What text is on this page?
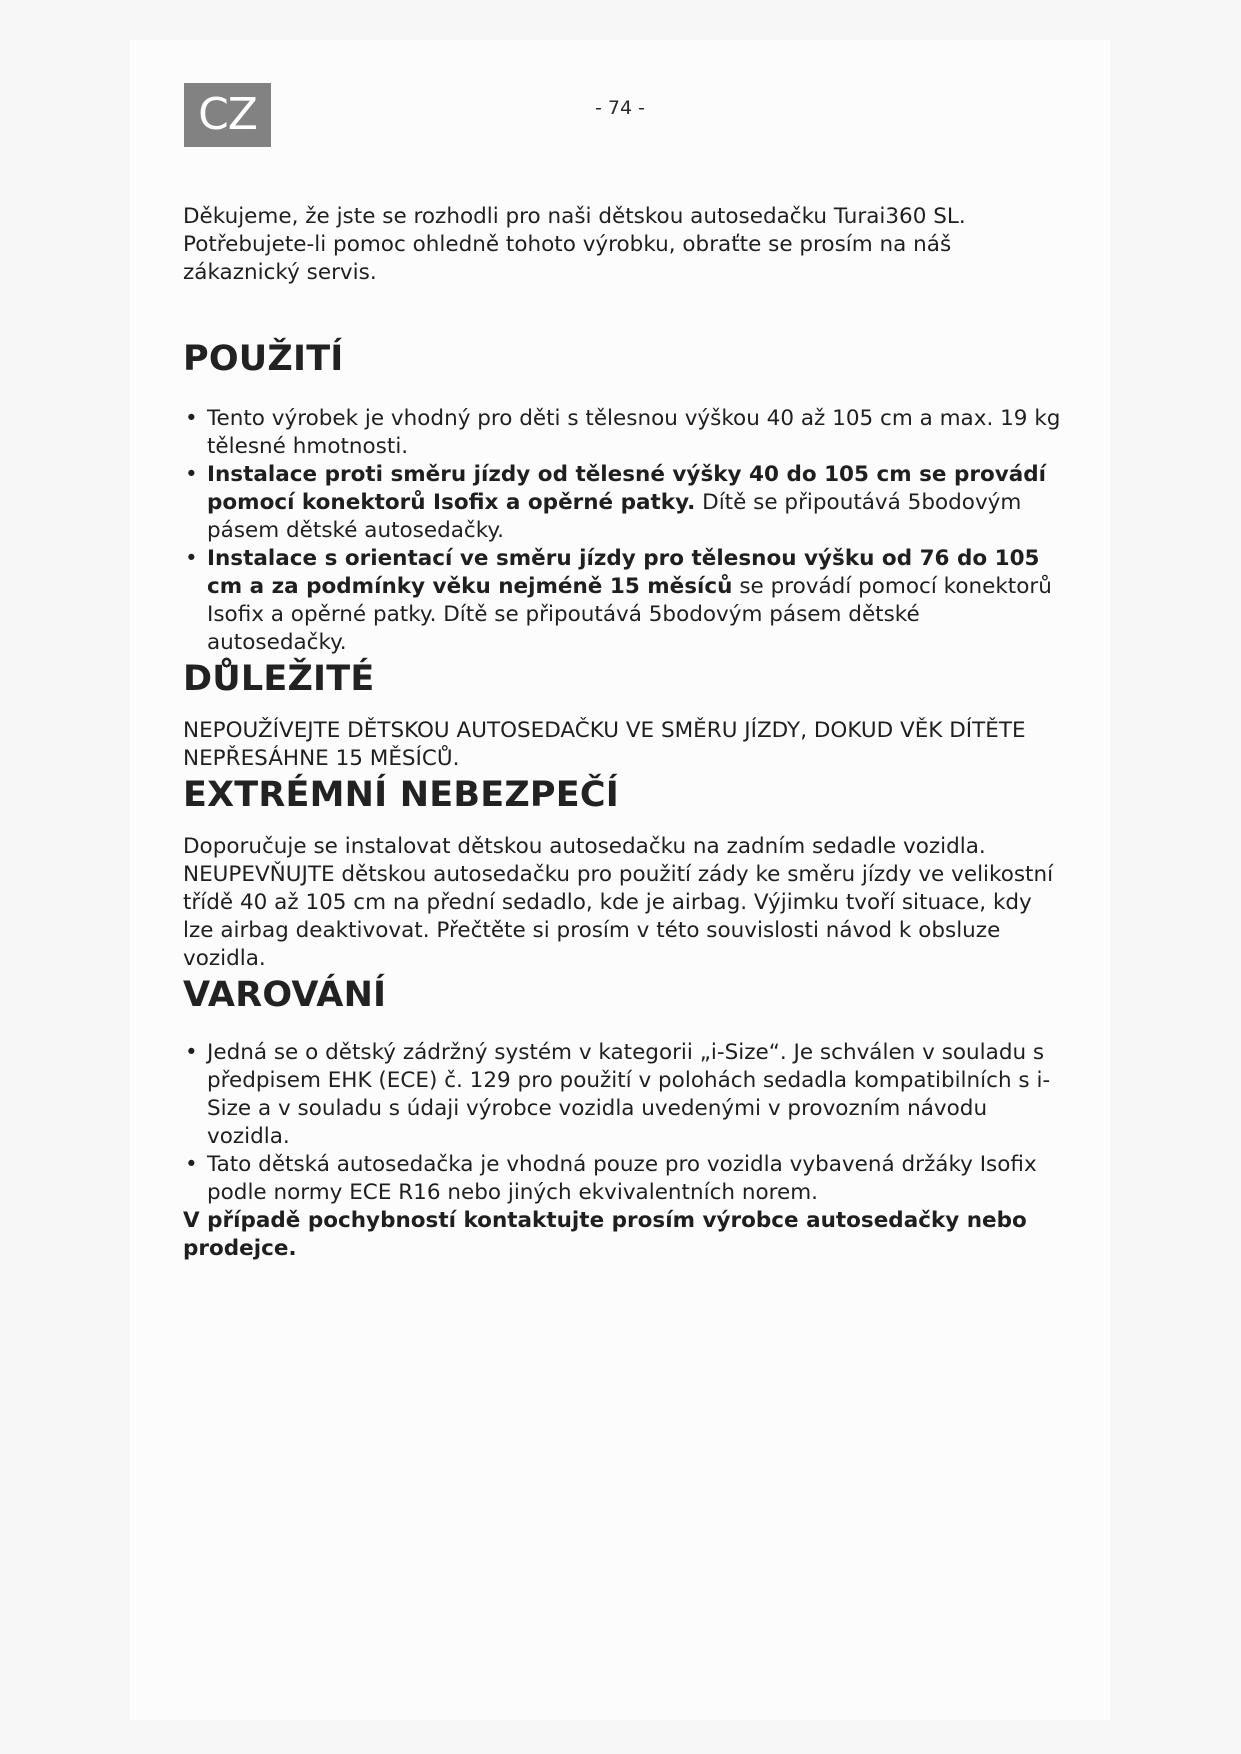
CZ	- 74 -

Děkujeme, že jste se rozhodli pro naši dětskou autosedačku Turai360 SL. Potřebujete-li pomoc ohledně tohoto výrobku, obraťte se prosím na náš zákaznický servis.

POUŽITÍ
• Tento výrobek je vhodný pro děti s tělesnou výškou 40 až 105 cm a max. 19 kg tělesné hmotnosti.
• Instalace proti směru jízdy od tělesné výšky 40 do 105 cm se provádí pomocí konektorů Isofix a opěrné patky. Dítě se připoutává 5bodovým pásem dětské autosedačky.
• Instalace s orientací ve směru jízdy pro tělesnou výšku od 76 do 105 cm a za podmínky věku nejméně 15 měsíců se provádí pomocí konektorů Isofix a opěrné patky. Dítě se připoutává 5bodovým pásem dětské autosedačky.
DŮLEŽITÉ

NEPOUŽÍVEJTE DĚTSKOU AUTOSEDAČKU VE SMĚRU JÍZDY, DOKUD VĚK DÍTĚTE NEPŘESÁHNE 15 MĚSÍCŮ.

EXTRÉMNÍ NEBEZPEČÍ

Doporučuje se instalovat dětskou autosedačku na zadním sedadle vozidla. NEUPEVŇUJTE dětskou autosedačku pro použití zády ke směru jízdy ve velikostní třídě 40 až 105 cm na přední sedadlo, kde je airbag. Výjimku tvoří situace, kdy lze airbag deaktivovat. Přečtěte si prosím v této souvislosti návod k obsluze vozidla.

VAROVÁNÍ
• Jedná se o dětský zádržný systém v kategorii „i-Size“. Je schválen v souladu s předpisem EHK (ECE) č. 129 pro použití v polohách sedadla kompatibilních s i-Size a v souladu s údaji výrobce vozidla uvedenými v provozním návodu vozidla.
• Tato dětská autosedačka je vhodná pouze pro vozidla vybavená držáky Isofix podle normy ECE R16 nebo jiných ekvivalentních norem.

V případě pochybností kontaktujte prosím výrobce autosedačky nebo prodejce.
